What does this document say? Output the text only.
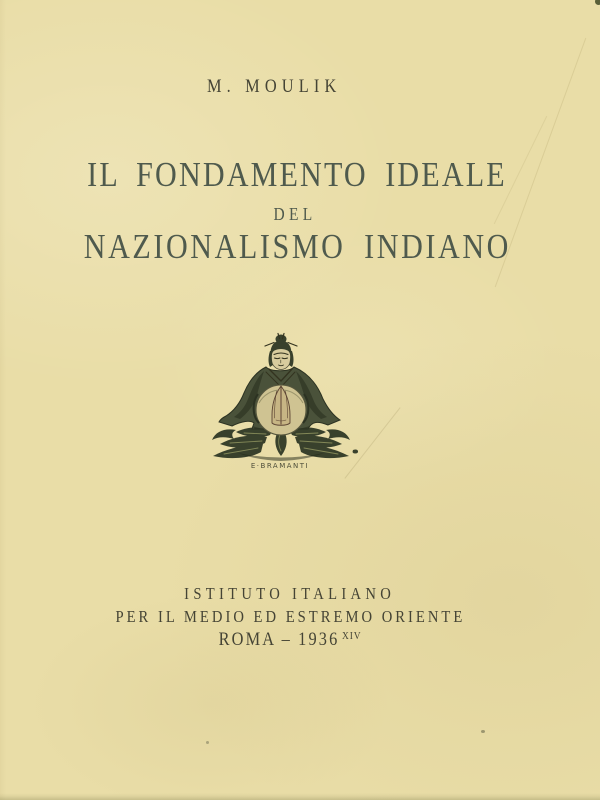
M. MOULIK
IL FONDAMENTO IDEALE
DEL
NAZIONALISMO INDIANO
E·BRAMANTI
ISTITUTO ITALIANO
PER IL MEDIO ED ESTREMO ORIENTE
ROMA – 1936 $^{XIV}$
